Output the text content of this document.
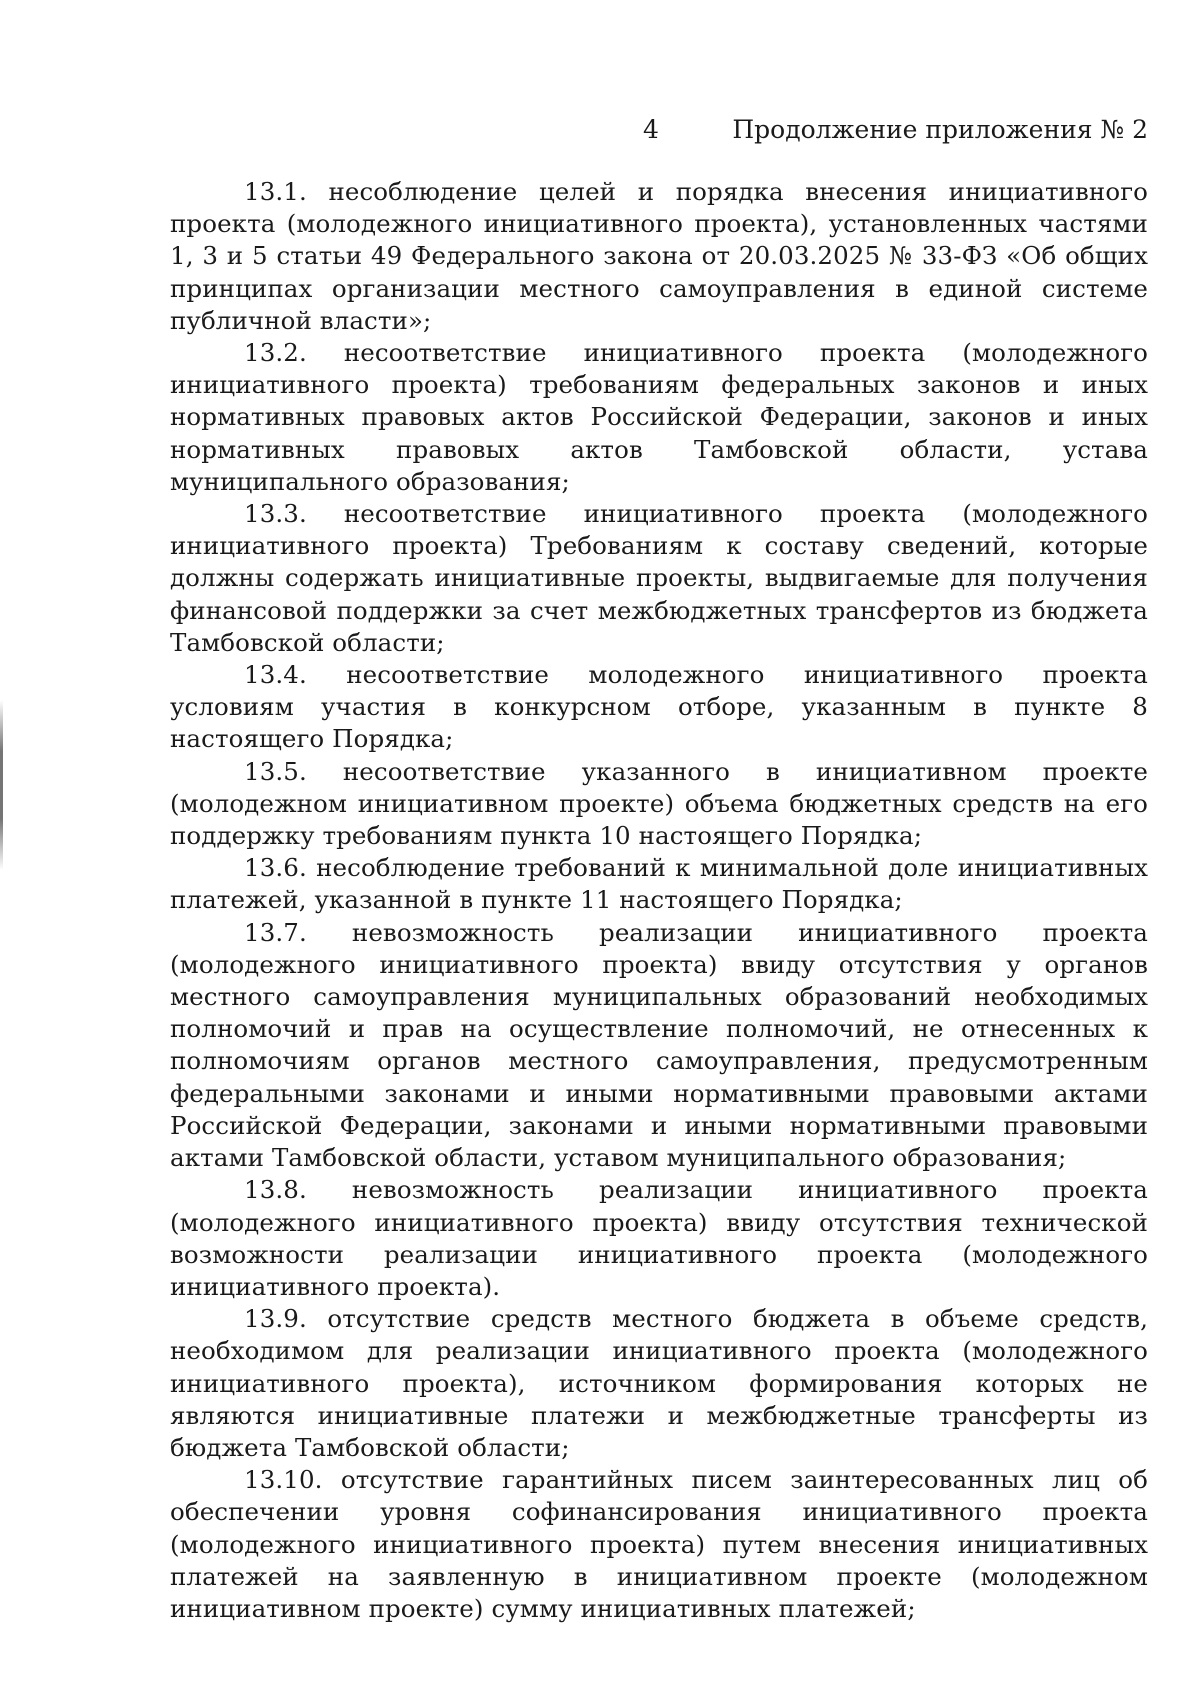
4	Продолжение приложения № 2

13.1. несоблюдение целей и порядка внесения инициативного проекта (молодежного инициативного проекта), установленных частями 1, 3 и 5 статьи 49 Федерального закона от 20.03.2025 № 33-ФЗ «Об общих принципах организации местного самоуправления в единой системе публичной власти»;

13.2. несоответствие инициативного проекта (молодежного инициативного проекта) требованиям федеральных законов и иных нормативных правовых актов Российской Федерации, законов и иных нормативных правовых актов Тамбовской области, устава муниципального образования;

13.3. несоответствие инициативного проекта (молодежного инициативного проекта) Требованиям к составу сведений, которые должны содержать инициативные проекты, выдвигаемые для получения финансовой поддержки за счет межбюджетных трансфертов из бюджета Тамбовской области;

13.4. несоответствие молодежного инициативного проекта условиям участия в конкурсном отборе, указанным в пункте 8 настоящего Порядка;

13.5. несоответствие указанного в инициативном проекте (молодежном инициативном проекте) объема бюджетных средств на его поддержку требованиям пункта 10 настоящего Порядка;

13.6. несоблюдение требований к минимальной доле инициативных платежей, указанной в пункте 11 настоящего Порядка;

13.7. невозможность реализации инициативного проекта (молодежного инициативного проекта) ввиду отсутствия у органов местного самоуправления муниципальных образований необходимых полномочий и прав на осуществление полномочий, не отнесенных к полномочиям органов местного самоуправления, предусмотренным федеральными законами и иными нормативными правовыми актами Российской Федерации, законами и иными нормативными правовыми актами Тамбовской области, уставом муниципального образования;

13.8. невозможность реализации инициативного проекта (молодежного инициативного проекта) ввиду отсутствия технической возможности реализации инициативного проекта (молодежного инициативного проекта).

13.9. отсутствие средств местного бюджета в объеме средств, необходимом для реализации инициативного проекта (молодежного инициативного проекта), источником формирования которых не являются инициативные платежи и межбюджетные трансферты из бюджета Тамбовской области;

13.10. отсутствие гарантийных писем заинтересованных лиц об обеспечении уровня софинансирования инициативного проекта (молодежного инициативного проекта) путем внесения инициативных платежей на заявленную в инициативном проекте (молодежном инициативном проекте) сумму инициативных платежей;
